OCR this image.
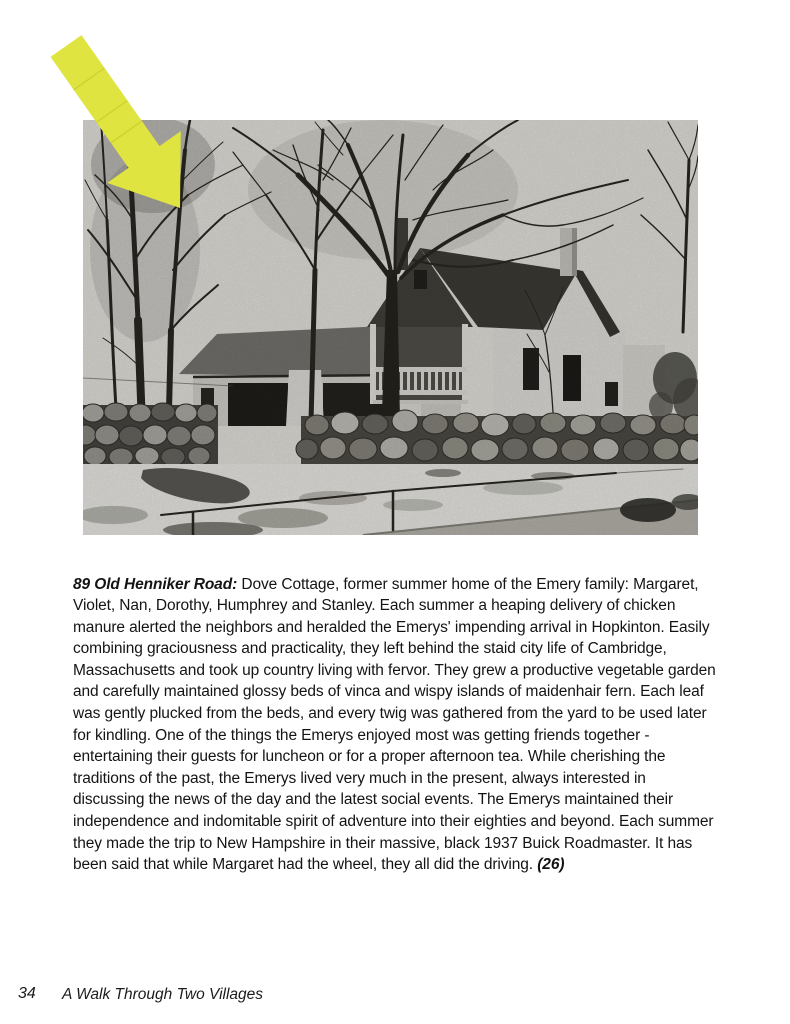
89 Old Henniker Road: Dove Cottage, former summer home of the Emery family: Margaret, Violet, Nan, Dorothy, Humphrey and Stanley. Each summer a heaping delivery of chicken manure alerted the neighbors and heralded the Emerys' impending arrival in Hopkinton. Easily combining graciousness and practicality, they left behind the staid city life of Cambridge, Massachusetts and took up country living with fervor. They grew a productive vegetable garden and carefully maintained glossy beds of vinca and wispy islands of maidenhair fern. Each leaf was gently plucked from the beds, and every twig was gathered from the yard to be used later for kindling. One of the things the Emerys enjoyed most was getting friends together - entertaining their guests for luncheon or for a proper afternoon tea. While cherishing the traditions of the past, the Emerys lived very much in the present, always interested in discussing the news of the day and the latest social events. The Emerys maintained their independence and indomitable spirit of adventure into their eighties and beyond. Each summer they made the trip to New Hampshire in their massive, black 1937 Buick Roadmaster. It has been said that while Margaret had the wheel, they all did the driving. (26)

34 A Walk Through Two Villages
